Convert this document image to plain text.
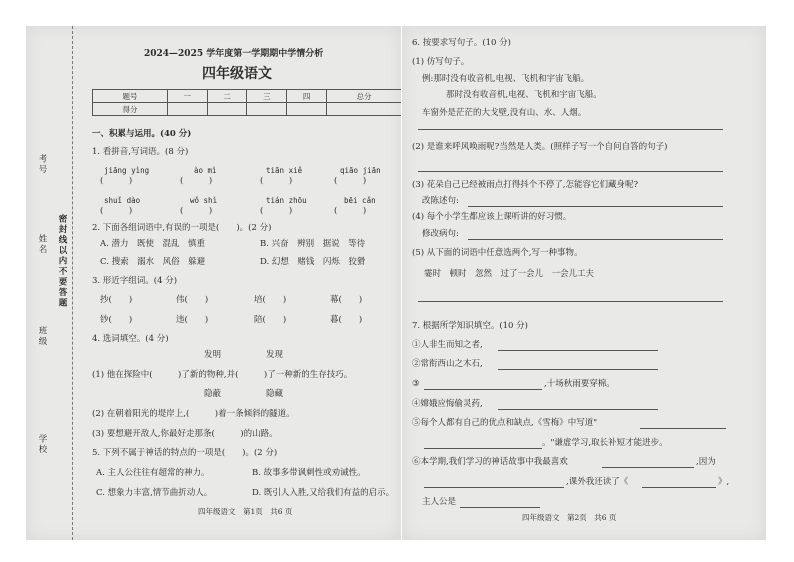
密封线以内不要答题
考号
姓名
班级
学校
2024—2025 学年度第一学期期中学情分析
四年级语文
题号	一	二	三	四	总分
得分					
一、积累与运用。(40 分)
1. 看拼音,写词语。(8 分)
jiāng yìng	ào mì	tiān xiě	qiāo jiān
(　　　)	(　　　)	(　　　)	(　　　)
shuǐ dào	wǒ shì	tián zhōu	bēi cǎn
(　　　)	(　　　)	(　　　)	(　　　)
2. 下面各组词语中,有误的一项是(　　)。(2 分)
A. 潜力　既使　混乱　慎重	B. 兴奋　辨别　据说　等待
C. 搜索　溺水　风俗　躲避	D. 幻想　赌钱　闪烁　狡猾
3. 形近字组词。(4 分)
抄(　　)	伟(　　)	培(　　)	幕(　　)
钞(　　)	违(　　)	陪(　　)	暮(　　)
4. 选词填空。(4 分)
发明	发现
(1) 他在探险中(　　　)了新的物种,并(　　　)了一种新的生存技巧。
隐蔽	隐藏
(2) 在朝着阳光的堤岸上,(　　　)着一条倾斜的隧道。
(3) 要想避开敌人,你最好走那条(　　　)的山路。
5. 下列不属于神话的特点的一项是(　　)。(2 分)
A. 主人公往往有超常的神力。	B. 故事多带讽刺性或劝诫性。
C. 想象力丰富,情节曲折动人。	D. 既引人入胜,又给我们有益的启示。
四年级语文　第1页　共6 页
6. 按要求写句子。(10 分)
(1) 仿写句子。
例:那时没有收音机,电视、飞机和宇宙飞船。
那时没有收音机,电视、飞机和宇宙飞船。
车窗外是茫茫的大戈壁,没有山、水、人烟。
(2) 是谁来呼风唤雨呢?当然是人类。(照样子写一个自问自答的句子)
(3) 花朵自己已经被雨点打得抖个不停了,怎能容它们藏身呢?
改陈述句:
(4) 每个小学生都应该上课听讲的好习惯。
修改病句:
(5) 从下面的词语中任意选两个,写一种事物。
霎时　顿时　忽然　过了一会儿　一会儿工夫
7. 根据所学知识填空。(10 分)
①人非生而知之者,
②常衔西山之木石,
③	,十场秋雨要穿棉。
④嫦娥应悔偷灵药,
⑤每个人都有自己的优点和缺点,《雪梅》中写道"
。"谦虚学习,取长补短才能进步。
⑥本学期,我们学习的神话故事中我最喜欢	,因为
,课外我还读了《	》,
主人公是
四年级语文　第2页　共6 页
